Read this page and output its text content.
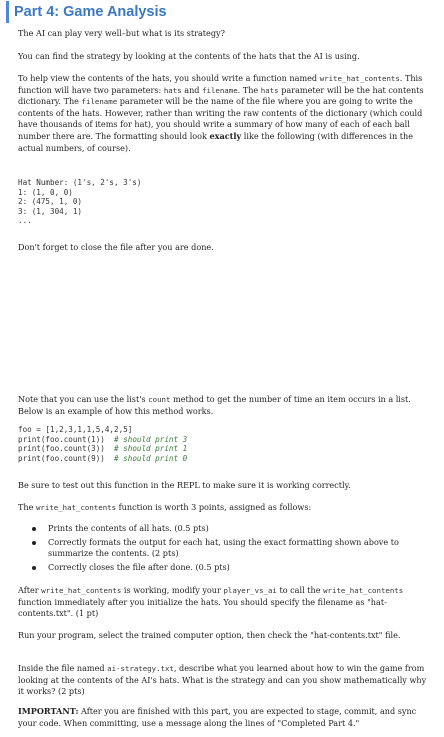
Part 4: Game Analysis
The AI can play very well–but what is its strategy?
You can find the strategy by looking at the contents of the hats that the AI is using.
To help view the contents of the hats, you should write a function named write_hat_contents. This function will have two parameters: hats and filename. The hats parameter will be the hat contents dictionary. The filename parameter will be the name of the file where you are going to write the contents of the hats. However, rather than writing the raw contents of the dictionary (which could have thousands of items for hat), you should write a summary of how many of each of each ball number there are. The formatting should look exactly like the following (with differences in the actual numbers, of course).
Hat Number: (1's, 2's, 3's)
1: (1, 0, 0)
2: (475, 1, 0)
3: (1, 304, 1)
...
Don't forget to close the file after you are done.
Note that you can use the list's count method to get the number of time an item occurs in a list. Below is an example of how this method works.
foo = [1,2,3,1,1,5,4,2,5]
print(foo.count(1)) # should print 3
print(foo.count(3)) # should print 1
print(foo.count(9)) # should print 0
Be sure to test out this function in the REPL to make sure it is working correctly.
The write_hat_contents function is worth 3 points, assigned as follows:
Prints the contents of all hats. (0.5 pts)
Correctly formats the output for each hat, using the exact formatting shown above to summarize the contents. (2 pts)
Correctly closes the file after done. (0.5 pts)
After write_hat_contents is working, modify your player_vs_ai to call the write_hat_contents function immediately after you initialize the hats. You should specify the filename as "hat-contents.txt". (1 pt)
Run your program, select the trained computer option, then check the "hat-contents.txt" file.
Inside the file named ai-strategy.txt, describe what you learned about how to win the game from looking at the contents of the AI's hats. What is the strategy and can you show mathematically why it works? (2 pts)
IMPORTANT: After you are finished with this part, you are expected to stage, commit, and sync your code. When committing, use a message along the lines of "Completed Part 4."
